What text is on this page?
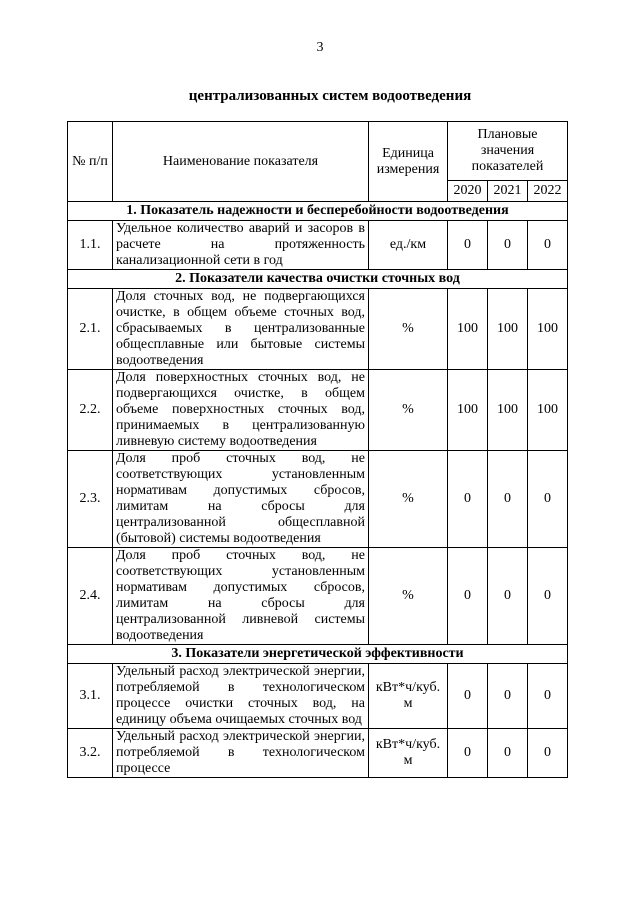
3
централизованных систем водоотведения
№ п/п	Наименование показателя	Единица измерения	Плановые значения показателей		
			2020	2021	2022
1. Показатель надежности и бесперебойности водоотведения					
1.1.	Удельное количество аварий и засоров в расчете на протяженность канализационной сети в год	ед./км	0	0	0
2. Показатели качества очистки сточных вод					
2.1.	Доля сточных вод, не подвергающихся очистке, в общем объеме сточных вод, сбрасываемых в централизованные общесплавные или бытовые системы водоотведения	%	100	100	100
2.2.	Доля поверхностных сточных вод, не подвергающихся очистке, в общем объеме поверхностных сточных вод, принимаемых в централизованную ливневую систему водоотведения	%	100	100	100
2.3.	Доля проб сточных вод, не соответствующих установленным нормативам допустимых сбросов, лимитам на сбросы для централизованной общесплавной (бытовой) системы водоотведения	%	0	0	0
2.4.	Доля проб сточных вод, не соответствующих установленным нормативам допустимых сбросов, лимитам на сбросы для централизованной ливневой системы водоотведения	%	0	0	0
3. Показатели энергетической эффективности					
3.1.	Удельный расход электрической энергии, потребляемой в технологическом процессе очистки сточных вод, на единицу объема очищаемых сточных вод	кВт*ч/куб. м	0	0	0
3.2.	Удельный расход электрической энергии, потребляемой в технологическом процессе	кВт*ч/куб. м	0	0	0
